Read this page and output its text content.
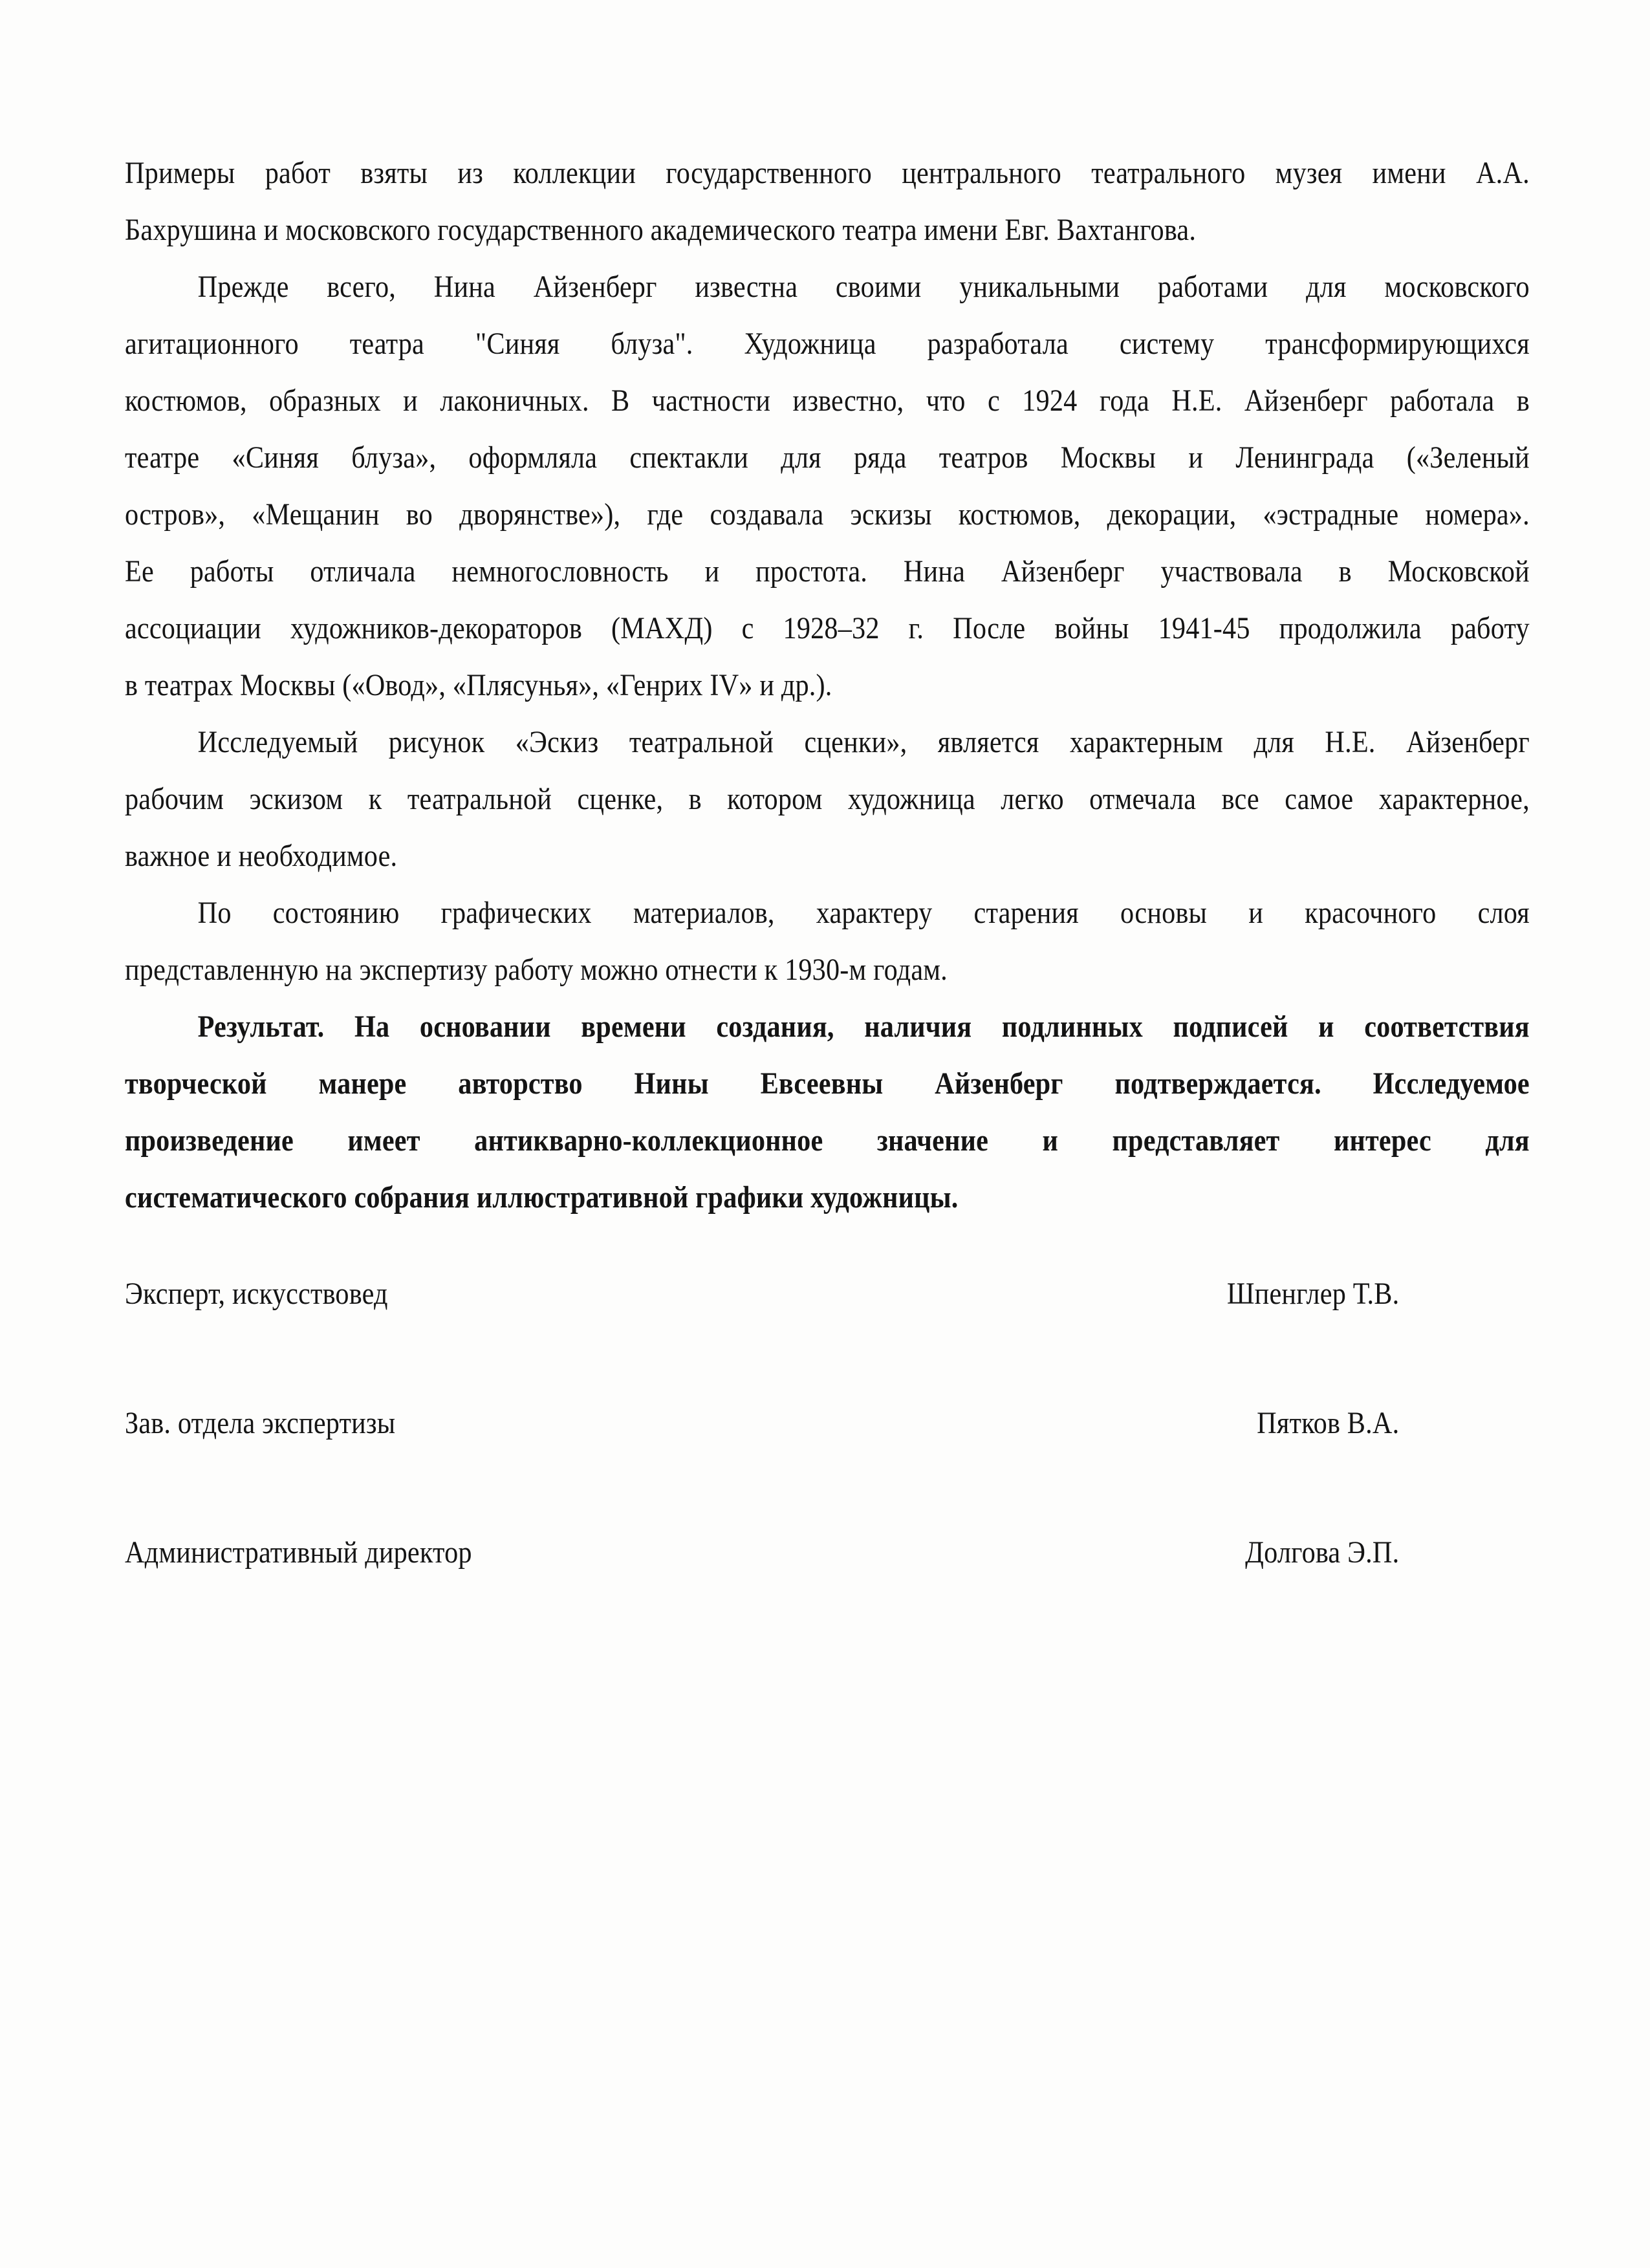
Примеры работ взяты из коллекции государственного центрального театрального музея имени А.А.
Бахрушина и московского государственного академического театра имени Евг. Вахтангова.
Прежде всего, Нина Айзенберг известна своими уникальными работами для московского
агитационного театра "Синяя блуза". Художница разработала систему трансформирующихся
костюмов, образных и лаконичных. В частности известно, что с 1924 года Н.Е. Айзенберг работала в
театре «Синяя блуза», оформляла спектакли для ряда театров Москвы и Ленинграда («Зеленый
остров», «Мещанин во дворянстве»), где создавала эскизы костюмов, декорации, «эстрадные номера».
Ее работы отличала немногословность и простота. Нина Айзенберг участвовала в Московской
ассоциации художников-декораторов (МАХД) с 1928–32 г. После войны 1941-45 продолжила работу
в театрах Москвы («Овод», «Плясунья», «Генрих IV» и др.).
Исследуемый рисунок «Эскиз театральной сценки», является характерным для Н.Е. Айзенберг
рабочим эскизом к театральной сценке, в котором художница легко отмечала все самое характерное,
важное и необходимое.
По состоянию графических материалов, характеру старения основы и красочного слоя
представленную на экспертизу работу можно отнести к 1930-м годам.
Результат. На основании времени создания, наличия подлинных подписей и соответствия
творческой манере авторство Нины Евсеевны Айзенберг подтверждается. Исследуемое
произведение имеет антикварно-коллекционное значение и представляет интерес для
систематического собрания иллюстративной графики художницы.
Эксперт, искусствовед	Шпенглер Т.В.
Зав. отдела экспертизы	Пятков В.А.
Административный директор	Долгова Э.П.
